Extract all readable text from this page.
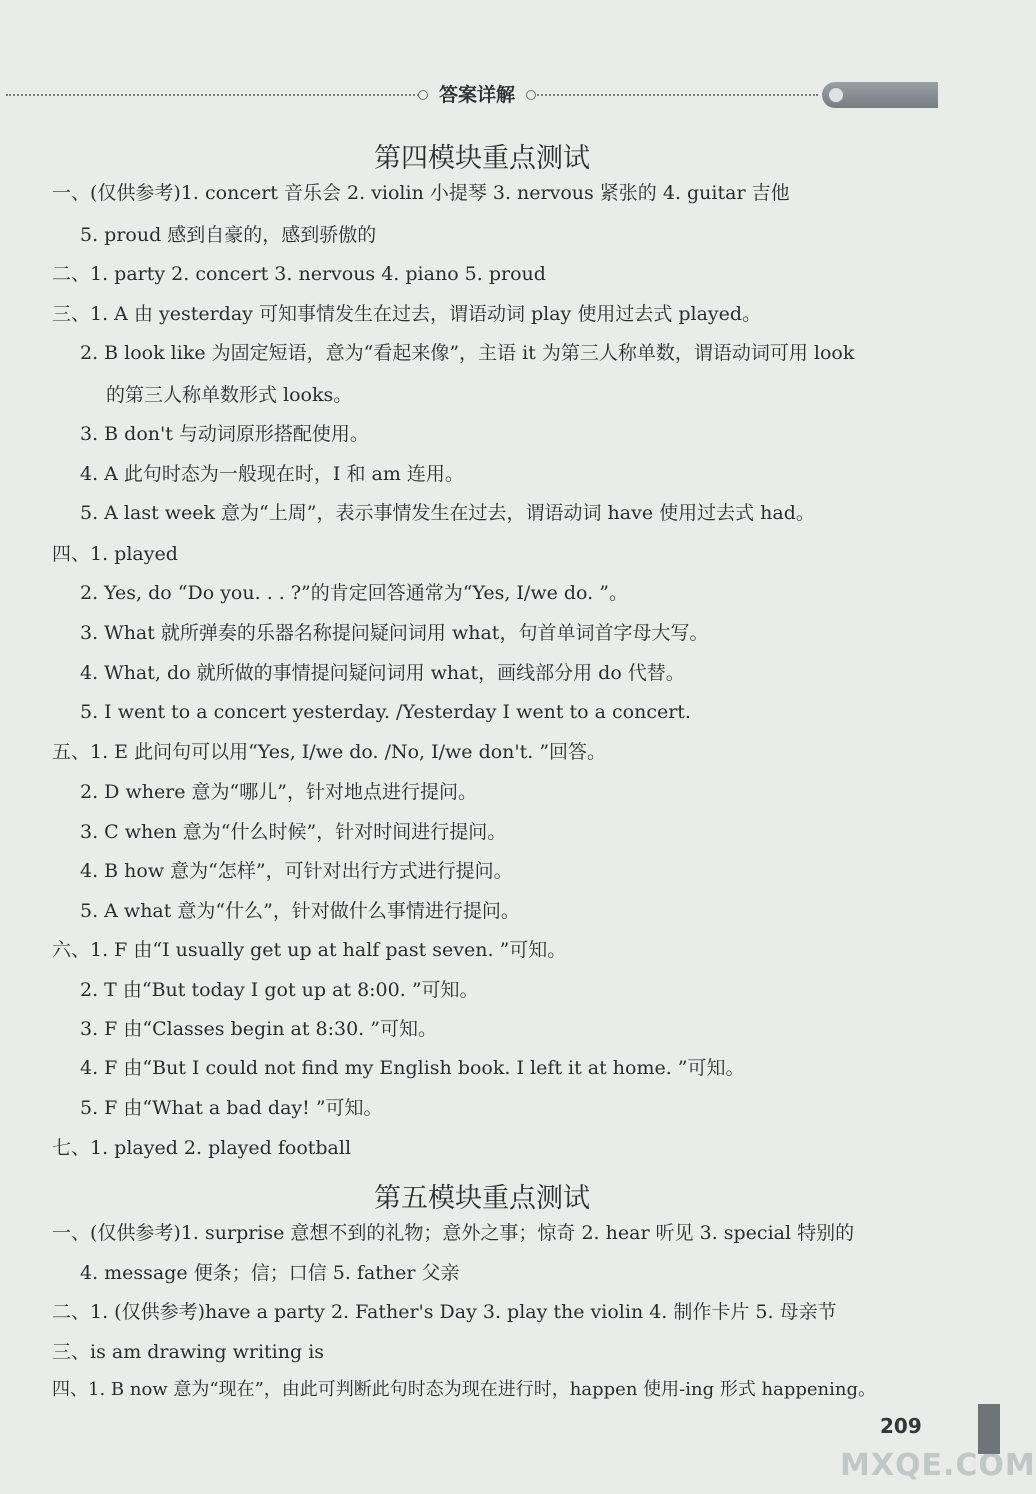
答案详解
第四模块重点测试
一、(仅供参考)1. concert 音乐会 2. violin 小提琴 3. nervous 紧张的 4. guitar 吉他
5. proud 感到自豪的，感到骄傲的
二、1. party 2. concert 3. nervous 4. piano 5. proud
三、1. A 由 yesterday 可知事情发生在过去，谓语动词 play 使用过去式 played。
2. B look like 为固定短语，意为“看起来像”，主语 it 为第三人称单数，谓语动词可用 look
的第三人称单数形式 looks。
3. B don't 与动词原形搭配使用。
4. A 此句时态为一般现在时，I 和 am 连用。
5. A last week 意为“上周”，表示事情发生在过去，谓语动词 have 使用过去式 had。
四、1. played
2. Yes, do “Do you. . . ?”的肯定回答通常为“Yes, I/we do. ”。
3. What 就所弹奏的乐器名称提问疑问词用 what，句首单词首字母大写。
4. What, do 就所做的事情提问疑问词用 what，画线部分用 do 代替。
5. I went to a concert yesterday. /Yesterday I went to a concert.
五、1. E 此问句可以用“Yes, I/we do. /No, I/we don't. ”回答。
2. D where 意为“哪儿”，针对地点进行提问。
3. C when 意为“什么时候”，针对时间进行提问。
4. B how 意为“怎样”，可针对出行方式进行提问。
5. A what 意为“什么”，针对做什么事情进行提问。
六、1. F 由“I usually get up at half past seven. ”可知。
2. T 由“But today I got up at 8:00. ”可知。
3. F 由“Classes begin at 8:30. ”可知。
4. F 由“But I could not find my English book. I left it at home. ”可知。
5. F 由“What a bad day! ”可知。
七、1. played 2. played football
第五模块重点测试
一、(仅供参考)1. surprise 意想不到的礼物；意外之事；惊奇 2. hear 听见 3. special 特别的
4. message 便条；信；口信 5. father 父亲
二、1. (仅供参考)have a party 2. Father's Day 3. play the violin 4. 制作卡片 5. 母亲节
三、is am drawing writing is
四、1. B now 意为“现在”，由此可判断此句时态为现在进行时，happen 使用-ing 形式 happening。
209
MXQE.COM
